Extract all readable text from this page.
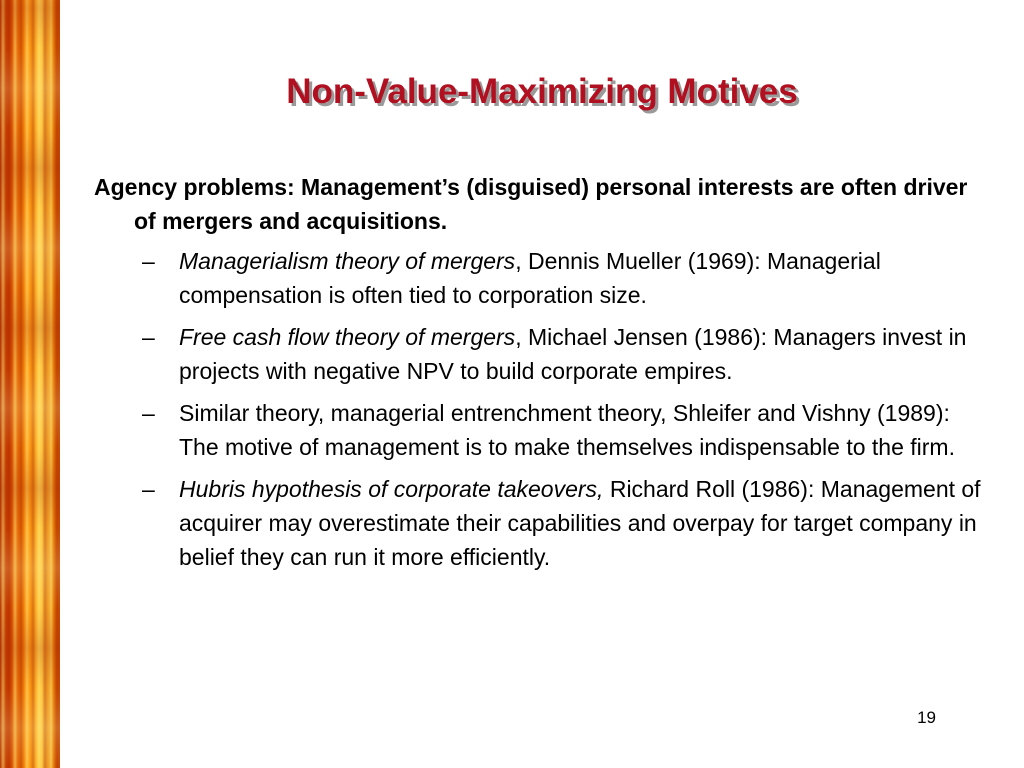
Non-Value-Maximizing Motives

Agency problems: Management’s (disguised) personal interests are often driver of mergers and acquisitions.

– Managerialism theory of mergers, Dennis Mueller (1969): Managerial compensation is often tied to corporation size.
– Free cash flow theory of mergers, Michael Jensen (1986): Managers invest in projects with negative NPV to build corporate empires.
– Similar theory, managerial entrenchment theory, Shleifer and Vishny (1989): The motive of management is to make themselves indispensable to the firm.
– Hubris hypothesis of corporate takeovers, Richard Roll (1986): Management of acquirer may overestimate their capabilities and overpay for target company in belief they can run it more efficiently.
19
